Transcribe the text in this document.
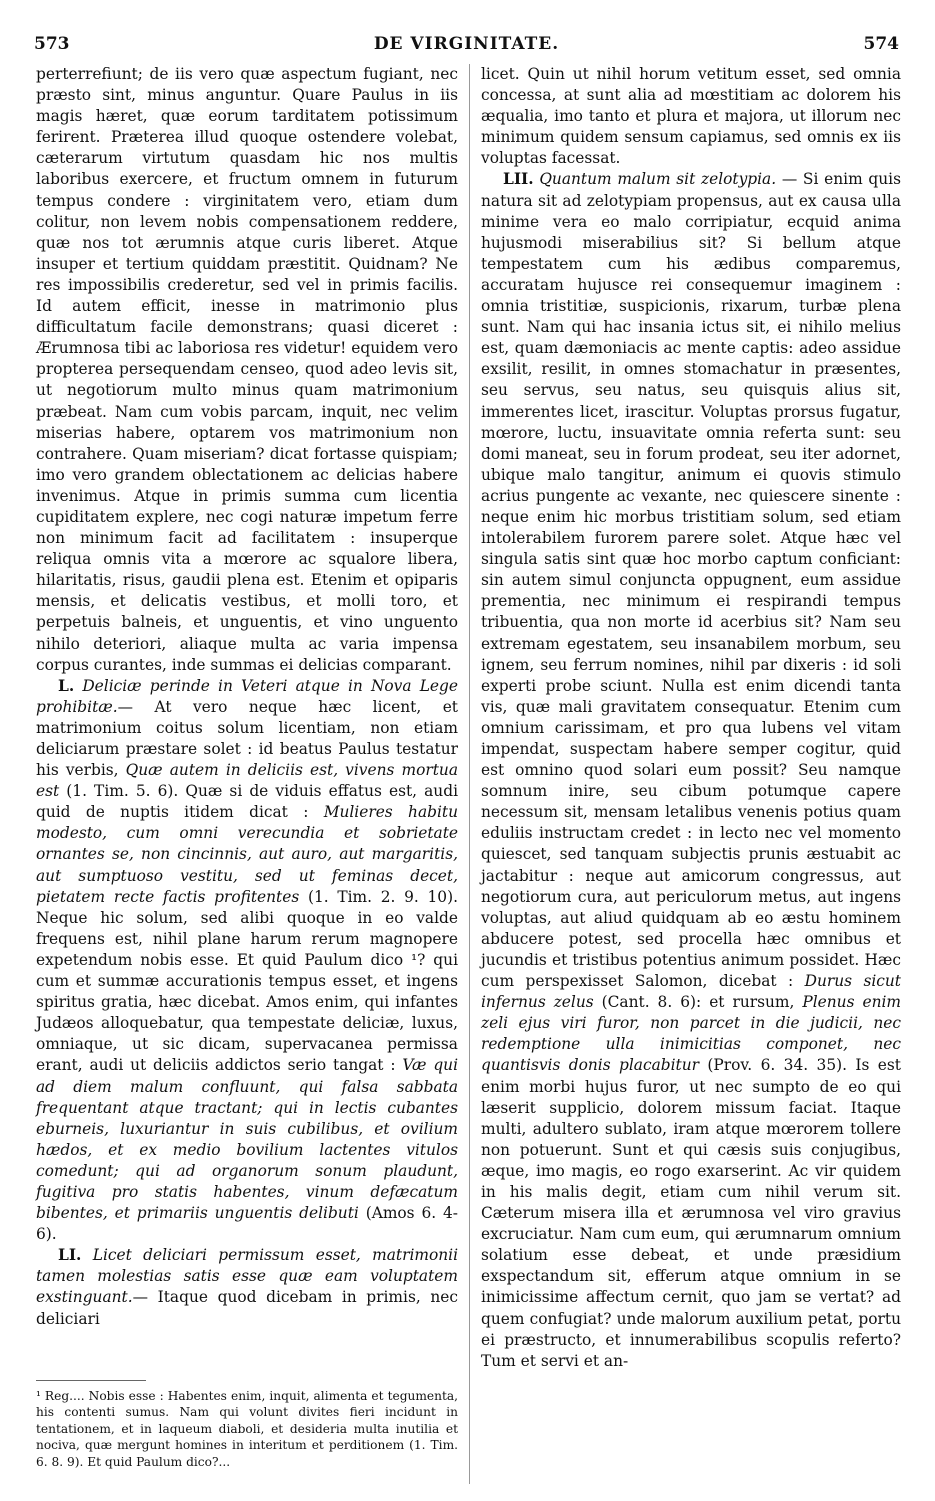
573	DE VIRGINITATE.	574

perterrefiunt; de iis vero quæ aspectum fugiant, nec præsto sint, minus anguntur. Quare Paulus in iis magis hæret, quæ eorum tarditatem potissimum ferirent. Præterea illud quoque ostendere volebat, cæterarum virtutum quasdam hic nos multis laboribus exercere, et fructum omnem in futurum tempus condere : virginitatem vero, etiam dum colitur, non levem nobis compensationem reddere, quæ nos tot ærumnis atque curis liberet. Atque insuper et tertium quiddam præstitit. Quidnam? Ne res impossibilis crederetur, sed vel in primis facilis. Id autem efficit, inesse in matrimonio plus difficultatum facile demonstrans; quasi diceret : Ærumnosa tibi ac laboriosa res videtur! equidem vero propterea persequendam censeo, quod adeo levis sit, ut negotiorum multo minus quam matrimonium præbeat. Nam cum vobis parcam, inquit, nec velim miserias habere, optarem vos matrimonium non contrahere. Quam miseriam? dicat fortasse quispiam; imo vero grandem oblectationem ac delicias habere invenimus. Atque in primis summa cum licentia cupiditatem explere, nec cogi naturæ impetum ferre non minimum facit ad facilitatem : insuperque reliqua omnis vita a mœrore ac squalore libera, hilaritatis, risus, gaudii plena est. Etenim et opiparis mensis, et delicatis vestibus, et molli toro, et perpetuis balneis, et unguentis, et vino unguento nihilo deteriori, aliaque multa ac varia impensa corpus curantes, inde summas ei delicias comparant.

L. Deliciæ perinde in Veteri atque in Nova Lege prohibitæ.— At vero neque hæc licent, et matrimonium coitus solum licentiam, non etiam deliciarum præstare solet : id beatus Paulus testatur his verbis, Quæ autem in deliciis est, vivens mortua est (1. Tim. 5. 6). Quæ si de viduis effatus est, audi quid de nuptis itidem dicat : Mulieres habitu modesto, cum omni verecundia et sobrietate ornantes se, non cincinnis, aut auro, aut margaritis, aut sumptuoso vestitu, sed ut feminas decet, pietatem recte factis profitentes (1. Tim. 2. 9. 10). Neque hic solum, sed alibi quoque in eo valde frequens est, nihil plane harum rerum magnopere expetendum nobis esse. Et quid Paulum dico ¹? qui cum et summæ accurationis tempus esset, et ingens spiritus gratia, hæc dicebat. Amos enim, qui infantes Judæos alloquebatur, qua tempestate deliciæ, luxus, omniaque, ut sic dicam, supervacanea permissa erant, audi ut deliciis addictos serio tangat : Væ qui ad diem malum confluunt, qui falsa sabbata frequentant atque tractant; qui in lectis cubantes eburneis, luxuriantur in suis cubilibus, et ovilium hædos, et ex medio bovilium lactentes vitulos comedunt; qui ad organorum sonum plaudunt, fugitiva pro statis habentes, vinum defæcatum bibentes, et primariis unguentis delibuti (Amos 6. 4-6).

LI. Licet deliciari permissum esset, matrimonii tamen molestias satis esse quæ eam voluptatem exstinguant.— Itaque quod dicebam in primis, nec deliciari

¹ Reg.... Nobis esse : Habentes enim, inquit, alimenta et tegumenta, his contenti sumus. Nam qui volunt divites fieri incidunt in tentationem, et in laqueum diaboli, et desideria multa inutilia et nociva, quæ mergunt homines in interitum et perditionem (1. Tim. 6. 8. 9). Et quid Paulum dico?...

licet. Quin ut nihil horum vetitum esset, sed omnia concessa, at sunt alia ad mœstitiam ac dolorem his æqualia, imo tanto et plura et majora, ut illorum nec minimum quidem sensum capiamus, sed omnis ex iis voluptas facessat.

LII. Quantum malum sit zelotypia. — Si enim quis natura sit ad zelotypiam propensus, aut ex causa ulla minime vera eo malo corripiatur, ecquid anima hujusmodi miserabilius sit? Si bellum atque tempestatem cum his ædibus comparemus, accuratam hujusce rei consequemur imaginem : omnia tristitiæ, suspicionis, rixarum, turbæ plena sunt. Nam qui hac insania ictus sit, ei nihilo melius est, quam dæmoniacis ac mente captis: adeo assidue exsilit, resilit, in omnes stomachatur in præsentes, seu servus, seu natus, seu quisquis alius sit, immerentes licet, irascitur. Voluptas prorsus fugatur, mœrore, luctu, insuavitate omnia referta sunt: seu domi maneat, seu in forum prodeat, seu iter adornet, ubique malo tangitur, animum ei quovis stimulo acrius pungente ac vexante, nec quiescere sinente : neque enim hic morbus tristitiam solum, sed etiam intolerabilem furorem parere solet. Atque hæc vel singula satis sint quæ hoc morbo captum conficiant: sin autem simul conjuncta oppugnent, eum assidue prementia, nec minimum ei respirandi tempus tribuentia, qua non morte id acerbius sit? Nam seu extremam egestatem, seu insanabilem morbum, seu ignem, seu ferrum nomines, nihil par dixeris : id soli experti probe sciunt. Nulla est enim dicendi tanta vis, quæ mali gravitatem consequatur. Etenim cum omnium carissimam, et pro qua lubens vel vitam impendat, suspectam habere semper cogitur, quid est omnino quod solari eum possit? Seu namque somnum inire, seu cibum potumque capere necessum sit, mensam letalibus venenis potius quam eduliis instructam credet : in lecto nec vel momento quiescet, sed tanquam subjectis prunis æstuabit ac jactabitur : neque aut amicorum congressus, aut negotiorum cura, aut periculorum metus, aut ingens voluptas, aut aliud quidquam ab eo æstu hominem abducere potest, sed procella hæc omnibus et jucundis et tristibus potentius animum possidet. Hæc cum perspexisset Salomon, dicebat : Durus sicut infernus zelus (Cant. 8. 6): et rursum, Plenus enim zeli ejus viri furor, non parcet in die judicii, nec redemptione ulla inimicitias componet, nec quantisvis donis placabitur (Prov. 6. 34. 35). Is est enim morbi hujus furor, ut nec sumpto de eo qui læserit supplicio, dolorem missum faciat. Itaque multi, adultero sublato, iram atque mœrorem tollere non potuerunt. Sunt et qui cæsis suis conjugibus, æque, imo magis, eo rogo exarserint. Ac vir quidem in his malis degit, etiam cum nihil verum sit. Cæterum misera illa et ærumnosa vel viro gravius excruciatur. Nam cum eum, qui ærumnarum omnium solatium esse debeat, et unde præsidium exspectandum sit, efferum atque omnium in se inimicissime affectum cernit, quo jam se vertat? ad quem confugiat? unde malorum auxilium petat, portu ei præstructo, et innumerabilibus scopulis referto? Tum et servi et an-
